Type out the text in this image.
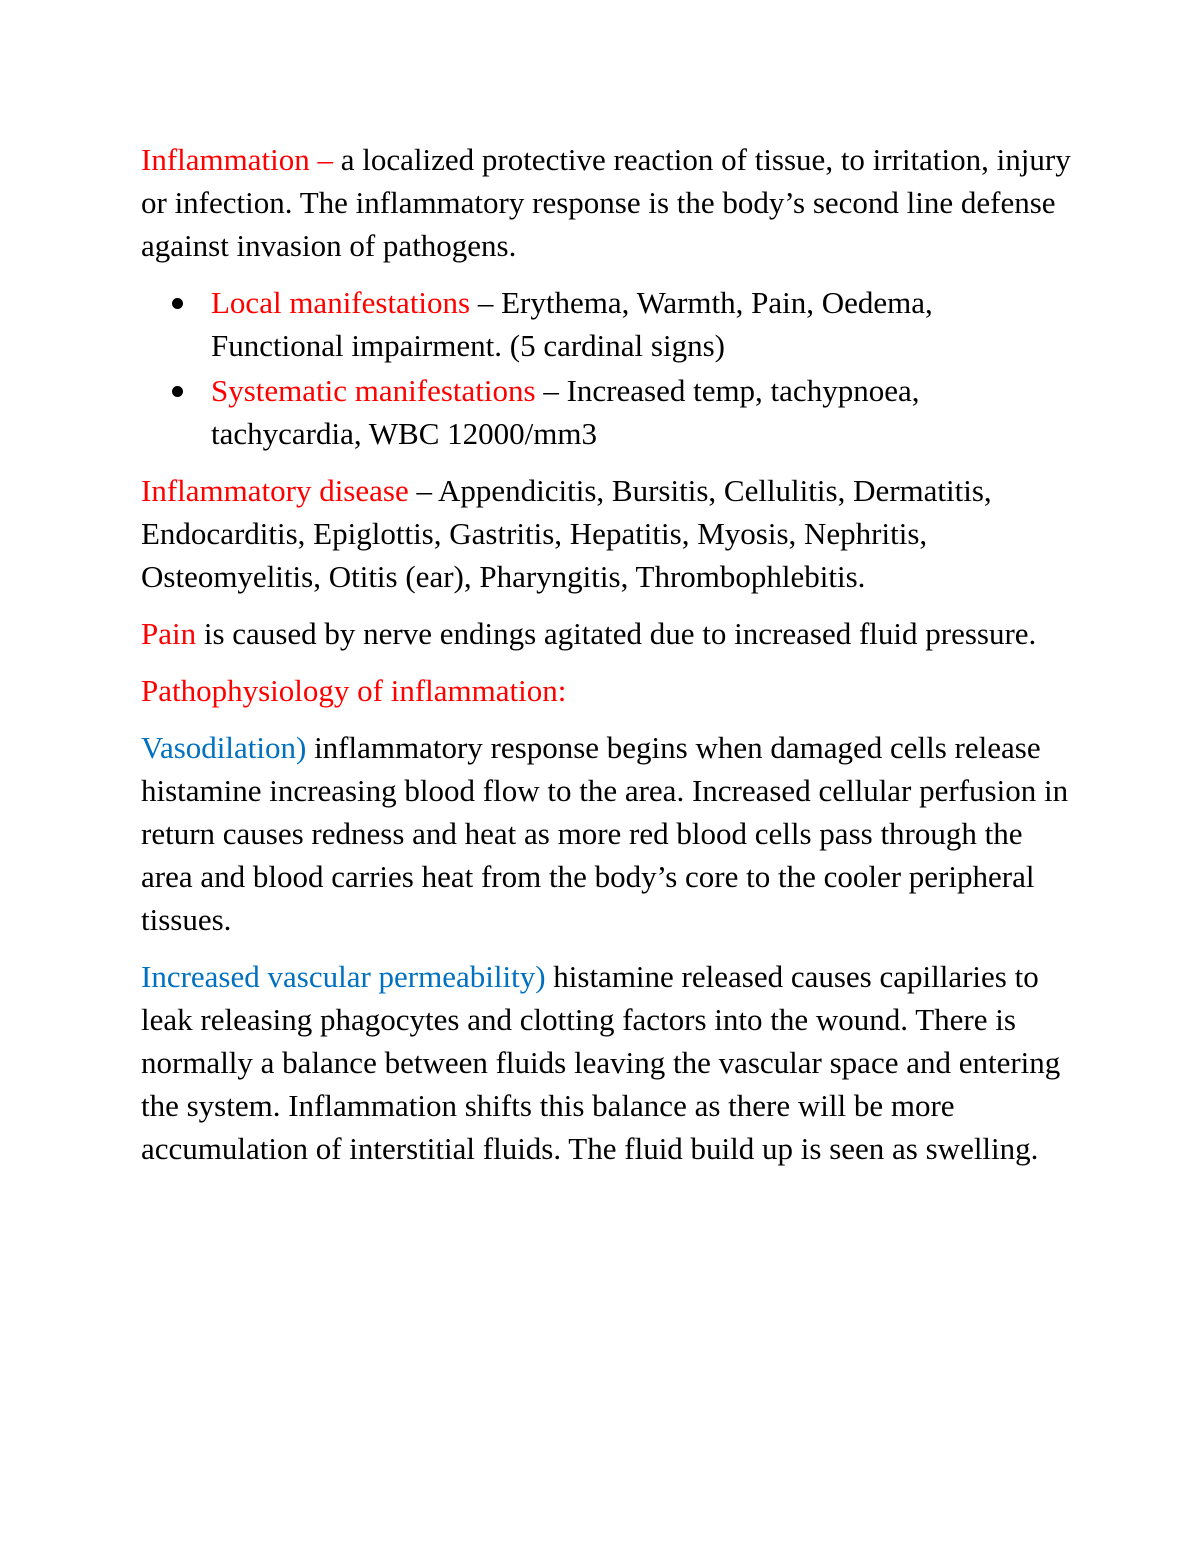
Inflammation – a localized protective reaction of tissue, to irritation, injury or infection. The inflammatory response is the body’s second line defense against invasion of pathogens.

Local manifestations – Erythema, Warmth, Pain, Oedema, Functional impairment. (5 cardinal signs)
Systematic manifestations – Increased temp, tachypnoea, tachycardia, WBC 12000/mm3

Inflammatory disease – Appendicitis, Bursitis, Cellulitis, Dermatitis, Endocarditis, Epiglottis, Gastritis, Hepatitis, Myosis, Nephritis, Osteomyelitis, Otitis (ear), Pharyngitis, Thrombophlebitis.

Pain is caused by nerve endings agitated due to increased fluid pressure.

Pathophysiology of inflammation:

Vasodilation) inflammatory response begins when damaged cells release histamine increasing blood flow to the area. Increased cellular perfusion in return causes redness and heat as more red blood cells pass through the area and blood carries heat from the body’s core to the cooler peripheral tissues.

Increased vascular permeability) histamine released causes capillaries to leak releasing phagocytes and clotting factors into the wound. There is normally a balance between fluids leaving the vascular space and entering the system. Inflammation shifts this balance as there will be more accumulation of interstitial fluids. The fluid build up is seen as swelling.
